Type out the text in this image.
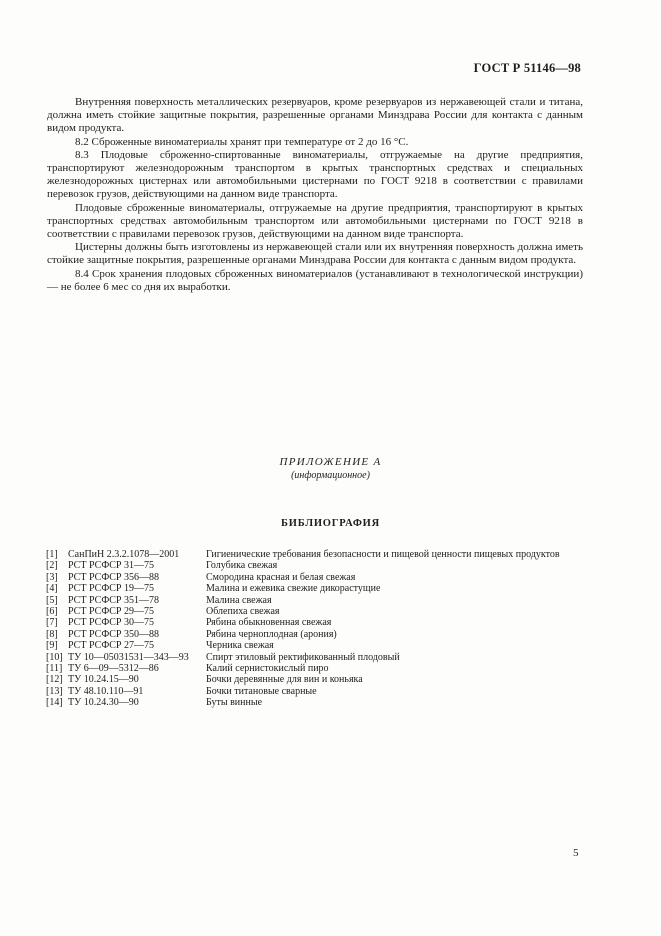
ГОСТ Р 51146—98

Внутренняя поверхность металлических резервуаров, кроме резервуаров из нержавеющей стали и титана, должна иметь стойкие защитные покрытия, разрешенные органами Минздрава России для контакта с данным видом продукта.

8.2 Сброженные виноматериалы хранят при температуре от 2 до 16 °С.

8.3 Плодовые сброженно-спиртованные виноматериалы, отгружаемые на другие предприятия, транспортируют железнодорожным транспортом в крытых транспортных средствах и специальных железнодорожных цистернах или автомобильными цистернами по ГОСТ 9218 в соответствии с правилами перевозок грузов, действующими на данном виде транспорта.

Плодовые сброженные виноматериалы, отгружаемые на другие предприятия, транспортируют в крытых транспортных средствах автомобильным транспортом или автомобильными цистернами по ГОСТ 9218 в соответствии с правилами перевозок грузов, действующими на данном виде транспорта.

Цистерны должны быть изготовлены из нержавеющей стали или их внутренняя поверхность должна иметь стойкие защитные покрытия, разрешенные органами Минздрава России для контакта с данным видом продукта.

8.4 Срок хранения плодовых сброженных виноматериалов (устанавливают в технологической инструкции) — не более 6 мес со дня их выработки.

ПРИЛОЖЕНИЕ А
(информационное)
БИБЛИОГРАФИЯ
[1] СанПиН 2.3.2.1078—2001	Гигиенические требования безопасности и пищевой ценности пищевых продуктов
[2] РСТ РСФСР 31—75	Голубика свежая
[3] РСТ РСФСР 356—88	Смородина красная и белая свежая
[4] РСТ РСФСР 19—75	Малина и ежевика свежие дикорастущие
[5] РСТ РСФСР 351—78	Малина свежая
[6] РСТ РСФСР 29—75	Облепиха свежая
[7] РСТ РСФСР 30—75	Рябина обыкновенная свежая
[8] РСТ РСФСР 350—88	Рябина черноплодная (арония)
[9] РСТ РСФСР 27—75	Черника свежая
[10] ТУ 10—05031531—343—93 Спирт этиловый ректификованный плодовый
[11] ТУ 6—09—5312—86	Калий сернистокислый пиро
[12] ТУ 10.24.15—90	Бочки деревянные для вин и коньяка
[13] ТУ 48.10.110—91	Бочки титановые сварные
[14] ТУ 10.24.30—90	Буты винные
5
